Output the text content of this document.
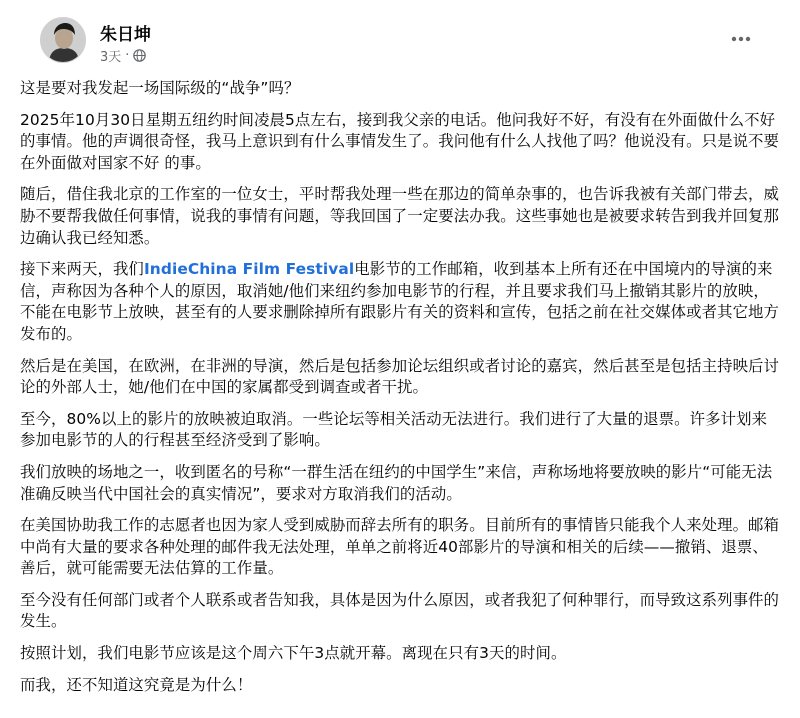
朱日坤
3天 ·

这是要对我发起一场国际级的“战争”吗？

2025年10月30日星期五纽约时间凌晨5点左右，接到我父亲的电话。他问我好不好，有没有在外面做什么不好的事情。他的声调很奇怪，我马上意识到有什么事情发生了。我问他有什么人找他了吗？他说没有。只是说不要在外面做对国家不好 的事。

随后，借住我北京的工作室的一位女士，平时帮我处理一些在那边的简单杂事的，也告诉我被有关部门带去，威胁不要帮我做任何事情，说我的事情有问题，等我回国了一定要法办我。这些事她也是被要求转告到我并回复那边确认我已经知悉。

接下来两天，我们IndieChina Film Festival电影节的工作邮箱，收到基本上所有还在中国境内的导演的来信，声称因为各种个人的原因，取消她/他们来纽约参加电影节的行程，并且要求我们马上撤销其影片的放映，不能在电影节上放映，甚至有的人要求删除掉所有跟影片有关的资料和宣传，包括之前在社交媒体或者其它地方发布的。

然后是在美国，在欧洲，在非洲的导演，然后是包括参加论坛组织或者讨论的嘉宾，然后甚至是包括主持映后讨论的外部人士，她/他们在中国的家属都受到调查或者干扰。

至今，80%以上的影片的放映被迫取消。一些论坛等相关活动无法进行。我们进行了大量的退票。许多计划来参加电影节的人的行程甚至经济受到了影响。

我们放映的场地之一，收到匿名的号称“一群生活在纽约的中国学生”来信，声称场地将要放映的影片“可能无法准确反映当代中国社会的真实情况”，要求对方取消我们的活动。

在美国协助我工作的志愿者也因为家人受到威胁而辞去所有的职务。目前所有的事情皆只能我个人来处理。邮箱中尚有大量的要求各种处理的邮件我无法处理，单单之前将近40部影片的导演和相关的后续——撤销、退票、善后，就可能需要无法估算的工作量。

至今没有任何部门或者个人联系或者告知我，具体是因为什么原因，或者我犯了何种罪行，而导致这系列事件的发生。

按照计划，我们电影节应该是这个周六下午3点就开幕。离现在只有3天的时间。

而我，还不知道这究竟是为什么！
